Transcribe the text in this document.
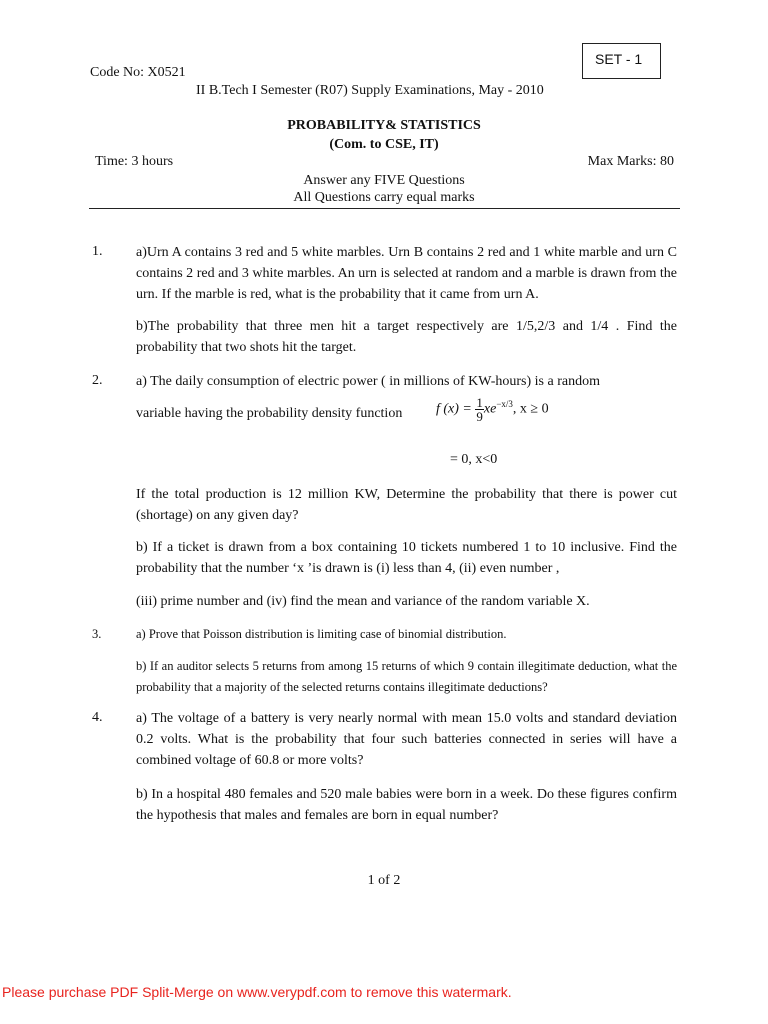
SET - 1
Code No: X0521
II B.Tech I Semester (R07) Supply Examinations, May - 2010
PROBABILITY& STATISTICS
(Com. to CSE, IT)
Time: 3 hours	Max Marks: 80
Answer any FIVE Questions
All Questions carry equal marks
1. a)Urn A contains 3 red and 5 white marbles. Urn B contains 2 red and 1 white marble and urn C contains 2 red and 3 white marbles. An urn is selected at random and a marble is drawn from the urn. If the marble is red, what is the probability that it came from urn A.
b)The probability that three men hit a target respectively are 1/5,2/3 and 1/4 . Find the probability that two shots hit the target.
2. a) The daily consumption of electric power ( in millions of KW-hours) is a random
variable having the probability density function f $(x) = \frac{1}{9} xe^{-x/3}$, x ≥ 0
= 0, x<0
If the total production is 12 million KW, Determine the probability that there is power cut (shortage) on any given day?
b) If a ticket is drawn from a box containing 10 tickets numbered 1 to 10 inclusive. Find the probability that the number ‘x ’is drawn is (i) less than 4, (ii) even number ,
(iii) prime number and (iv) find the mean and variance of the random variable X.
3.	a) Prove that Poisson distribution is limiting case of binomial distribution.
b) If an auditor selects 5 returns from among 15 returns of which 9 contain illegitimate deduction, what the probability that a majority of the selected returns contains illegitimate deductions?
4. a) The voltage of a battery is very nearly normal with mean 15.0 volts and standard deviation 0.2 volts. What is the probability that four such batteries connected in series will have a combined voltage of 60.8 or more volts?
b) In a hospital 480 females and 520 male babies were born in a week. Do these figures confirm the hypothesis that males and females are born in equal number?
1 of 2
Please purchase PDF Split-Merge on www.verypdf.com to remove this watermark.
